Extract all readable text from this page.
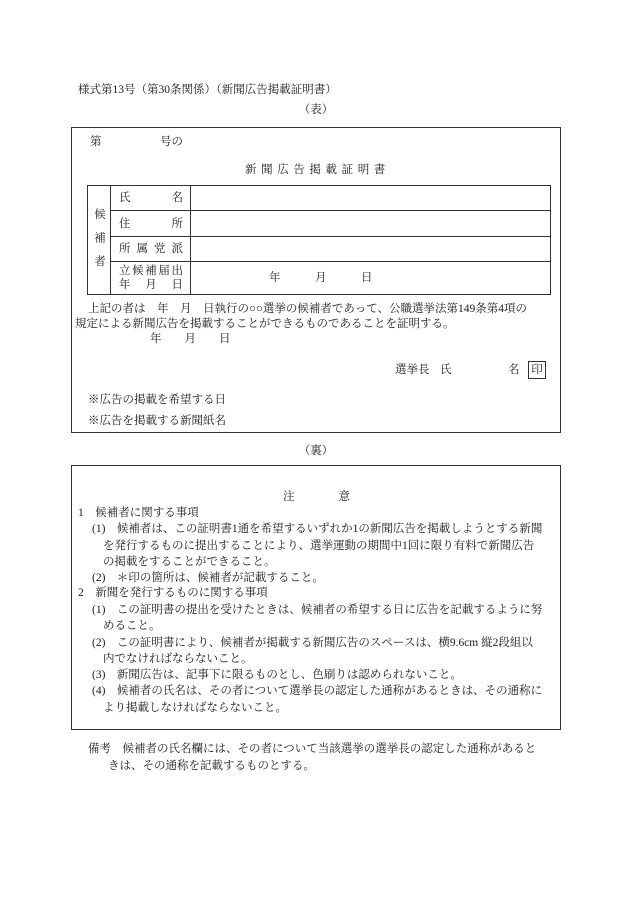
様式第13号（第30条関係）（新聞広告掲載証明書）
（表）
第	号の
新聞広告掲載証明書
候補者	氏　　　名	
	住　　　所	
	所属党派	

	立候補届出
年　月　日	年　　　月　　　日
上記の者は　年　月　日執行の○○選挙の候補者であって、公職選挙法第149条第4項の
規定による新聞広告を掲載することができるものであることを証明する。
年　　月　　日
選挙長 氏	名 印
※広告の掲載を希望する日
※広告を掲載する新聞紙名
（裏）
注　　意
1　候補者に関する事項
(1)　候補者は、この証明書1通を希望するいずれか1の新聞広告を掲載しようとする新聞
を発行するものに提出することにより、選挙運動の期間中1回に限り有料で新聞広告
の掲載をすることができること。
(2)　＊印の箇所は、候補者が記載すること。
2　新聞を発行するものに関する事項
(1)　この証明書の提出を受けたときは、候補者の希望する日に広告を記載するように努
めること。
(2)　この証明書により、候補者が掲載する新聞広告のスペースは、横9.6cm 縦2段組以
内でなければならないこと。
(3)　新聞広告は、記事下に限るものとし、色刷りは認められないこと。
(4)　候補者の氏名は、その者について選挙長の認定した通称があるときは、その通称に
より掲載しなければならないこと。
備考　候補者の氏名欄には、その者について当該選挙の選挙長の認定した通称があると
きは、その通称を記載するものとする。
